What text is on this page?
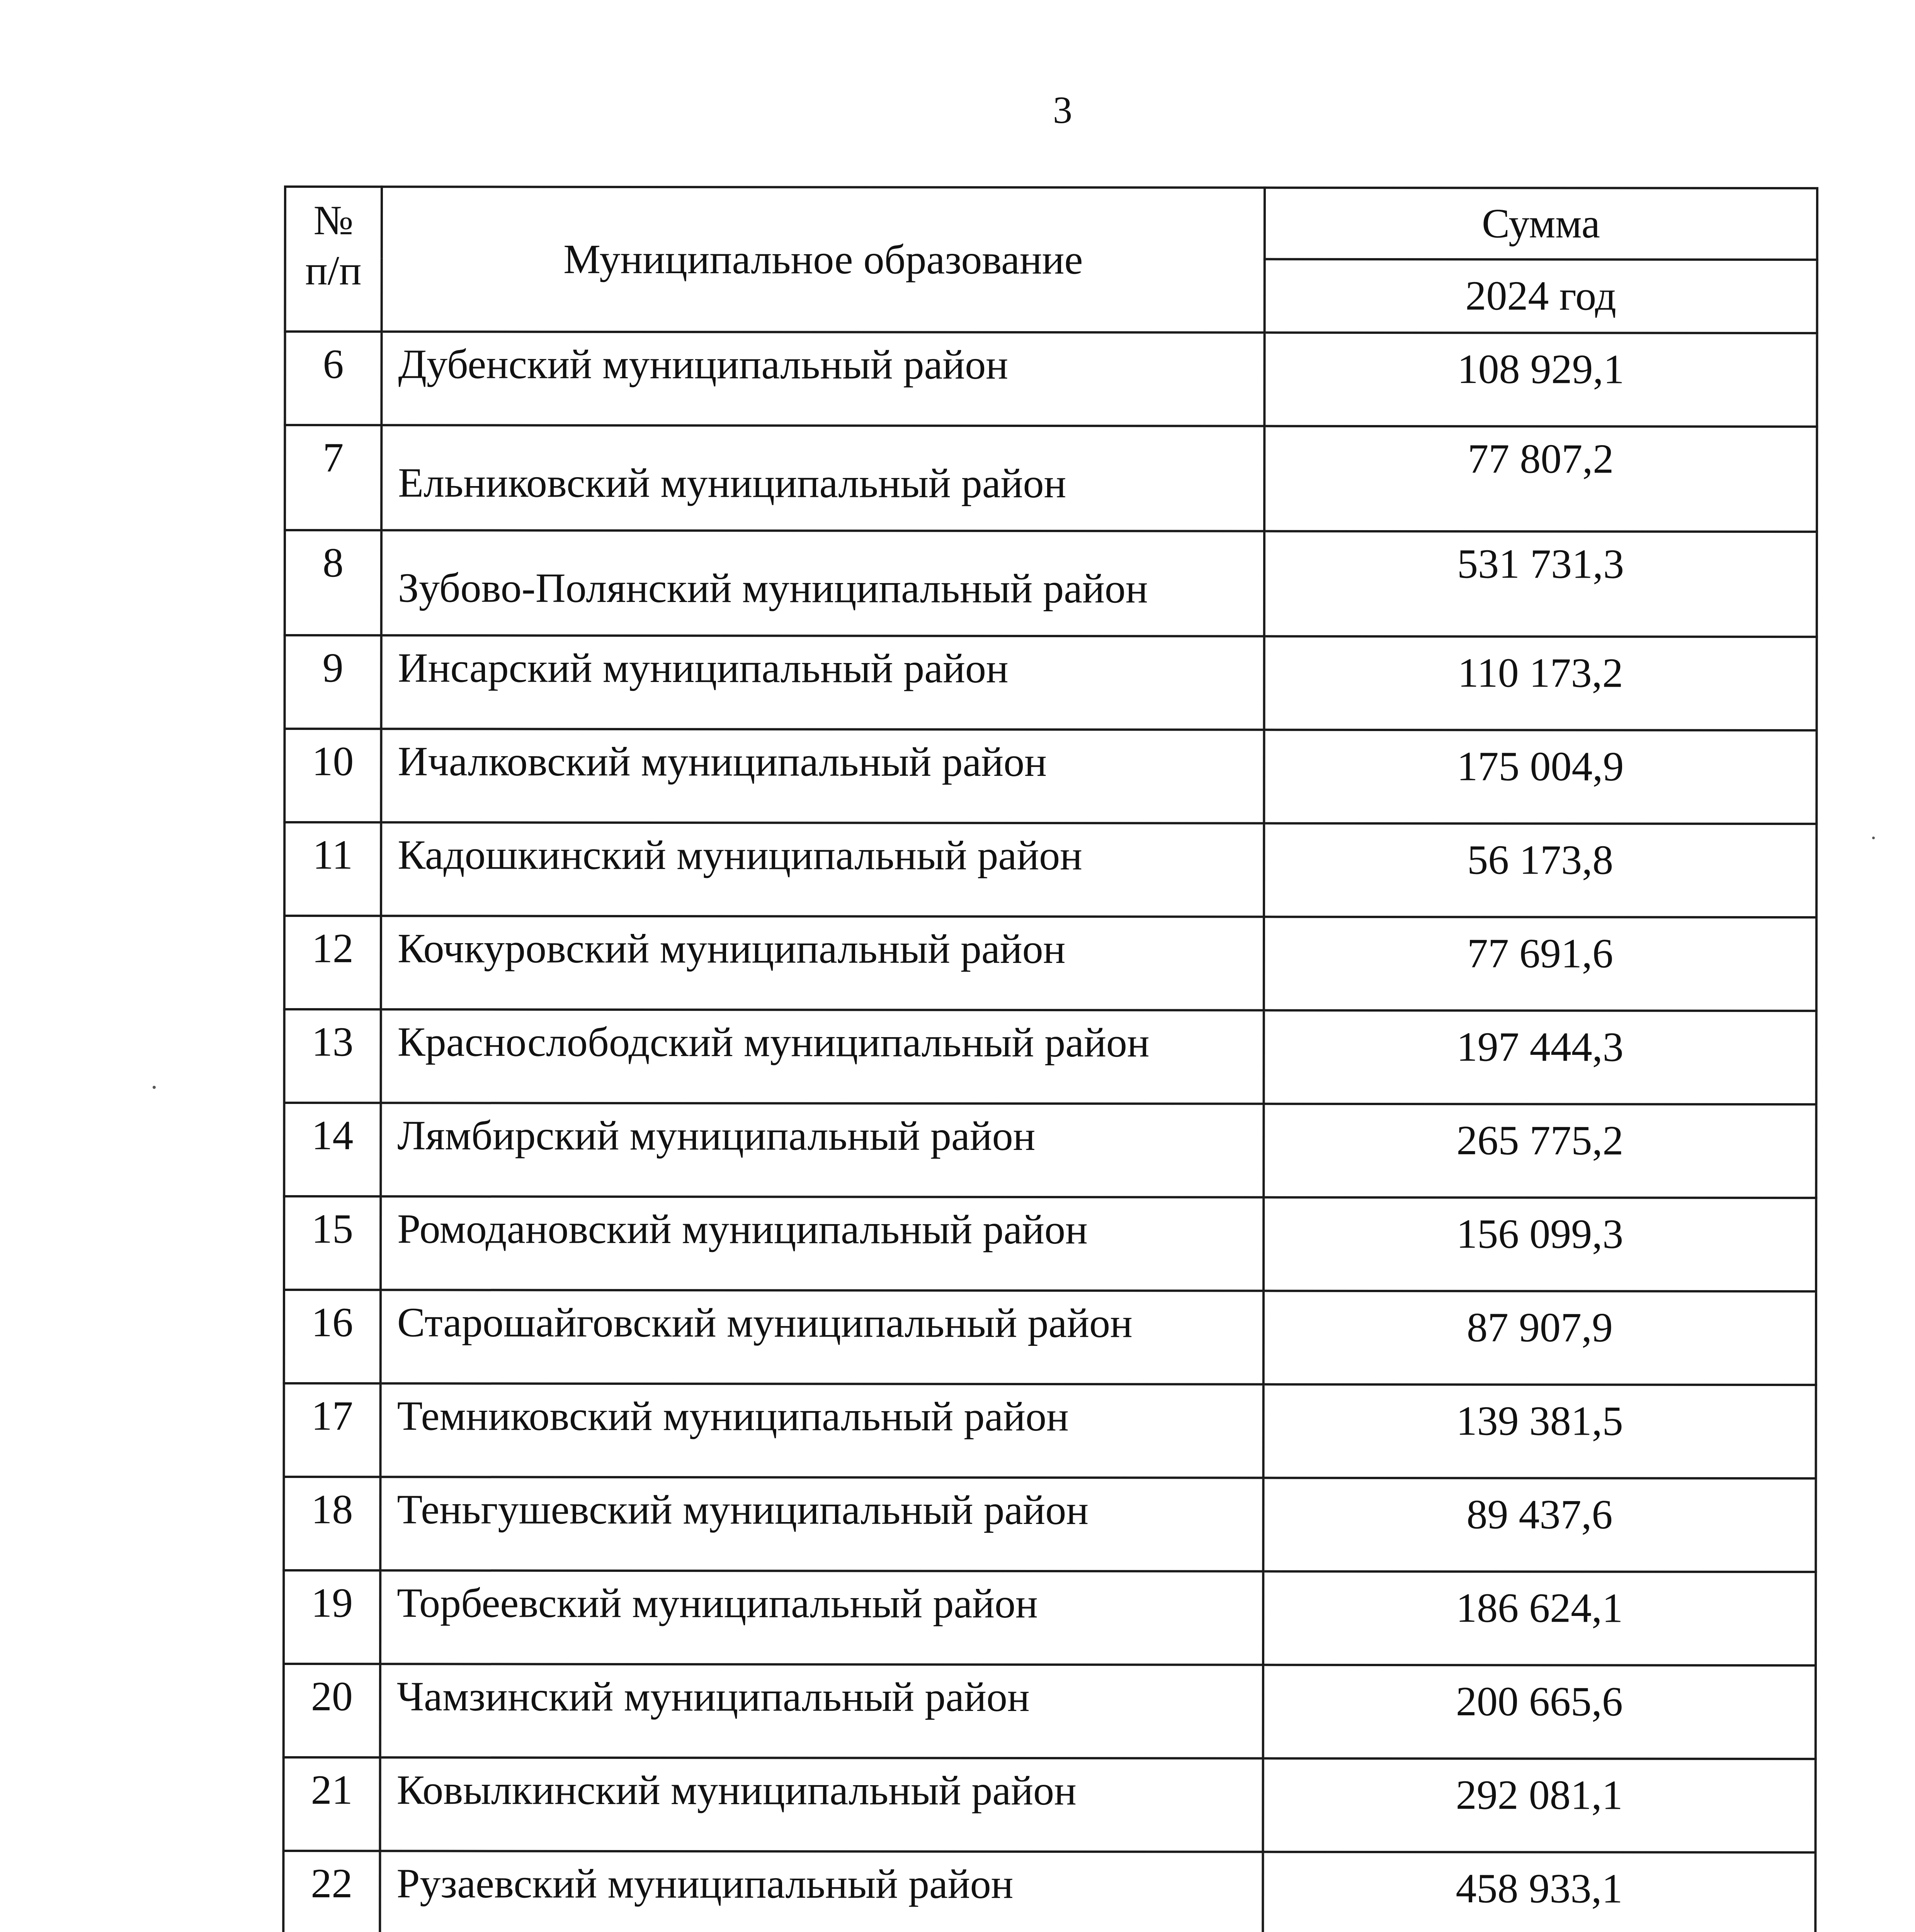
3
№
п/п	Муниципальное образование	Сумма
		2024 год
6	Дубенский муниципальный район	108 929,1
7	Ельниковский муниципальный район	77 807,2
8	Зубово-Полянский муниципальный район	531 731,3
9	Инсарский муниципальный район	110 173,2
10	Ичалковский муниципальный район	175 004,9
11	Кадошкинский муниципальный район	56 173,8
12	Кочкуровский муниципальный район	77 691,6
13	Краснослободский муниципальный район	197 444,3
14	Лямбирский муниципальный район	265 775,2
15	Ромодановский муниципальный район	156 099,3
16	Старошайговский муниципальный район	87 907,9
17	Темниковский муниципальный район	139 381,5
18	Теньгушевский муниципальный район	89 437,6
19	Торбеевский муниципальный район	186 624,1
20	Чамзинский муниципальный район	200 665,6
21	Ковылкинский муниципальный район	292 081,1
22	Рузаевский муниципальный район	458 933,1
